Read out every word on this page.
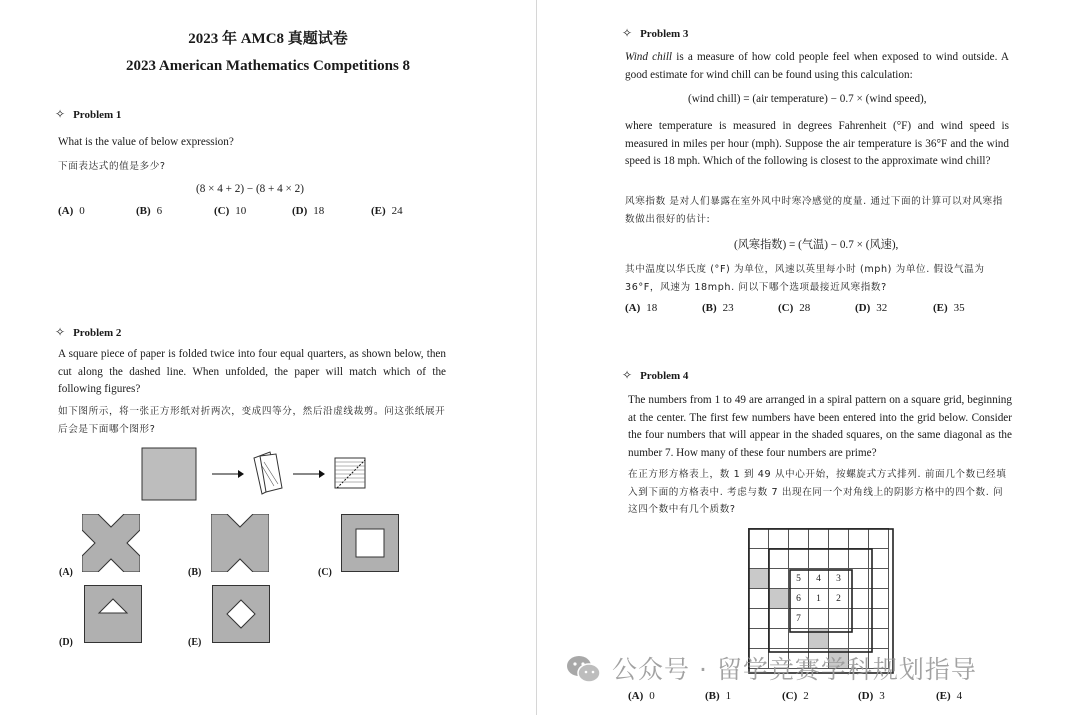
2023 年 AMC8 真题试卷

2023 American Mathematics Competitions 8

✧ Problem 1

What is the value of below expression?

下面表达式的值是多少?

(8 × 4 + 2) − (8 + 4 × 2)

(A) 0	(B) 6	(C) 10	(D) 18	(E) 24

✧ Problem 2

A square piece of paper is folded twice into four equal quarters, as shown below, then cut along the dashed line. When unfolded, the paper will match which of the following figures?

如下图所示，将一张正方形纸对折两次，变成四等分，然后沿虚线裁剪。问这张纸展开后会是下面哪个图形?

(A)	(B)	(C)

(D)	(E)

✧ Problem 3

Wind chill is a measure of how cold people feel when exposed to wind outside. A good estimate for wind chill can be found using this calculation:

(wind chill) = (air temperature) − 0.7 × (wind speed),

where temperature is measured in degrees Fahrenheit (°F) and wind speed is measured in miles per hour (mph). Suppose the air temperature is 36°F and the wind speed is 18 mph. Which of the following is closest to the approximate wind chill?

风寒指数 是对人们暴露在室外风中时寒冷感觉的度量. 通过下面的计算可以对风寒指数做出很好的估计:

(风寒指数) = (气温) − 0.7 × (风速),

其中温度以华氏度 (°F) 为单位，风速以英里每小时 (mph) 为单位. 假设气温为 36°F，风速为 18mph. 问以下哪个选项最接近风寒指数?

(A) 18	(B) 23	(C) 28	(D) 32	(E) 35

✧ Problem 4

The numbers from 1 to 49 are arranged in a spiral pattern on a square grid, beginning at the center. The first few numbers have been entered into the grid below. Consider the four numbers that will appear in the shaded squares, on the same diagonal as the number 7. How many of these four numbers are prime?

在正方形方格表上，数 1 到 49 从中心开始，按螺旋式方式排列. 前面几个数已经填入到下面的方格表中. 考虑与数 7 出现在同一个对角线上的阴影方格中的四个数. 问这四个数中有几个质数?

		5	4	3		
		6	1	2		
		7				

(A) 0	(B) 1	(C) 2	(D) 3	(E) 4

公众号 · 留学竞赛学科规划指导
